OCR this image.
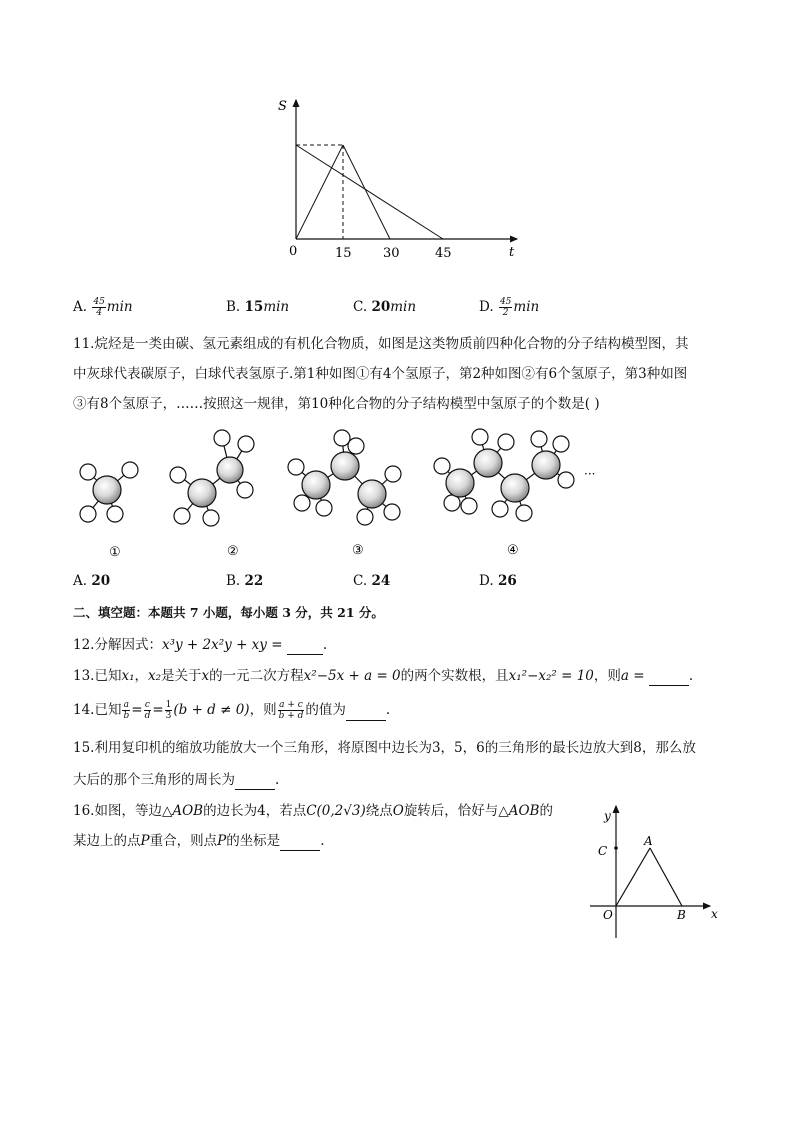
S
t
0	15 30	45
A. $\frac{45}{4}$ min	B. 15min	C. 20min	D. $\frac{45}{2}$ min
11.烷烃是一类由碳、氢元素组成的有机化合物质，如图是这类物质前四种化合物的分子结构模型图，其
中灰球代表碳原子，白球代表氢原子.第1种如图①有4个氢原子，第2种如图②有6个氢原子，第3种如图
③有8个氢原子，……按照这一规律，第10种化合物的分子结构模型中氢原子的个数是( )
···
①	②	③	④
A. 20	B. 22	C. 24	D. 26
二、填空题：本题共 7 小题，每小题 3 分，共 21 分。
12.分解因式：x³y + 2x²y + xy =	.
13.已知x₁，x₂是关于x的一元二次方程x²−5x + a = 0的两个实数根，且x₁²−x₂² = 10，则a =	.
14.已知 $\frac{a}{b} = \frac{c}{d} = \frac{1}{3} (b + d \ne 0)$，则 $\frac{a + c}{b + d}$ 的值为	.
15.利用复印机的缩放功能放大一个三角形，将原图中边长为3，5，6的三角形的最长边放大到8，那么放
大后的那个三角形的周长为	.
16.如图，等边△AOB的边长为4，若点C(0,2√3)绕点O旋转后，恰好与△AOB的
某边上的点P重合，则点P的坐标是	.
y
x
O
A
B
C
